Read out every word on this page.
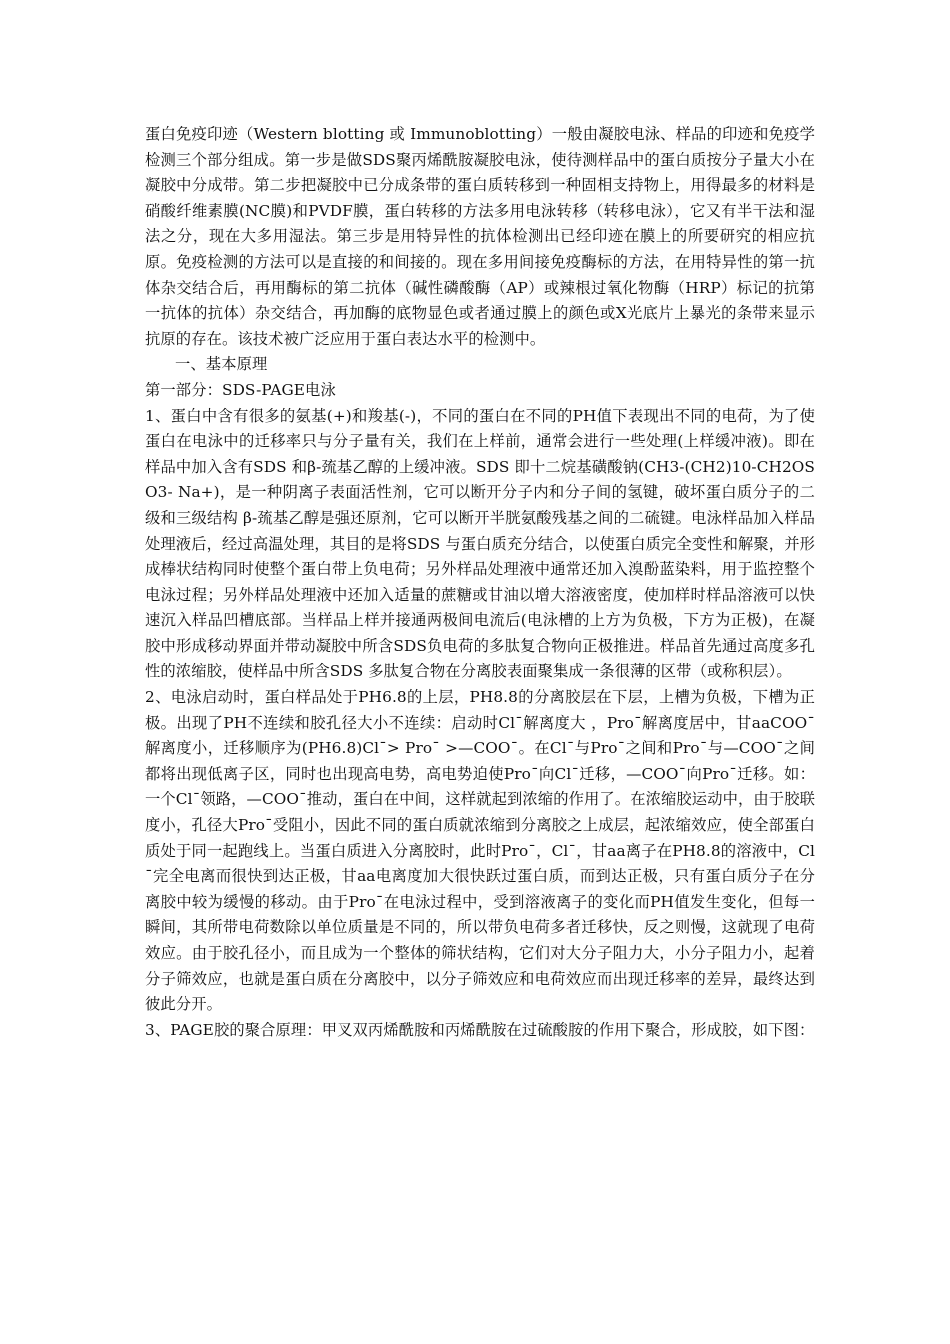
蛋白免疫印迹（Western blotting 或 Immunoblotting）一般由凝胶电泳、样品的印迹和免疫学检测三个部分组成。第一步是做SDS聚丙烯酰胺凝胶电泳，使待测样品中的蛋白质按分子量大小在凝胶中分成带。第二步把凝胶中已分成条带的蛋白质转移到一种固相支持物上，用得最多的材料是硝酸纤维素膜(NC膜)和PVDF膜，蛋白转移的方法多用电泳转移（转移电泳），它又有半干法和湿法之分，现在大多用湿法。第三步是用特异性的抗体检测出已经印迹在膜上的所要研究的相应抗原。免疫检测的方法可以是直接的和间接的。现在多用间接免疫酶标的方法，在用特异性的第一抗体杂交结合后，再用酶标的第二抗体（碱性磷酸酶（AP）或辣根过氧化物酶（HRP）标记的抗第一抗体的抗体）杂交结合，再加酶的底物显色或者通过膜上的颜色或X光底片上暴光的条带来显示抗原的存在。该技术被广泛应用于蛋白表达水平的检测中。

一、基本原理

第一部分：SDS-PAGE电泳

1、蛋白中含有很多的氨基(+)和羧基(-)，不同的蛋白在不同的PH值下表现出不同的电荷，为了使蛋白在电泳中的迁移率只与分子量有关，我们在上样前，通常会进行一些处理(上样缓冲液)。即在样品中加入含有SDS 和β-巯基乙醇的上缓冲液。SDS 即十二烷基磺酸钠(CH3-(CH2)10-CH2OSO3- Na+)，是一种阴离子表面活性剂，它可以断开分子内和分子间的氢键，破坏蛋白质分子的二级和三级结构 β-巯基乙醇是强还原剂，它可以断开半胱氨酸残基之间的二硫键。电泳样品加入样品处理液后，经过高温处理，其目的是将SDS 与蛋白质充分结合，以使蛋白质完全变性和解聚，并形成棒状结构同时使整个蛋白带上负电荷；另外样品处理液中通常还加入溴酚蓝染料，用于监控整个电泳过程；另外样品处理液中还加入适量的蔗糖或甘油以增大溶液密度，使加样时样品溶液可以快速沉入样品凹槽底部。当样品上样并接通两极间电流后(电泳槽的上方为负极，下方为正极)，在凝胶中形成移动界面并带动凝胶中所含SDS负电荷的多肽复合物向正极推进。样品首先通过高度多孔性的浓缩胶，使样品中所含SDS 多肽复合物在分离胶表面聚集成一条很薄的区带（或称积层）。

2、电泳启动时，蛋白样品处于PH6.8的上层，PH8.8的分离胶层在下层，上槽为负极，下槽为正极。出现了PH不连续和胶孔径大小不连续：启动时Cl¯解离度大 ，Pro¯解离度居中，甘aaCOO¯解离度小，迁移顺序为(PH6.8)Cl¯> Pro¯ >—COO¯。在Cl¯与Pro¯之间和Pro¯与—COO¯之间都将出现低离子区，同时也出现高电势，高电势迫使Pro¯向Cl¯迁移，—COO¯向Pro¯迁移。如：一个Cl¯领路，—COO¯推动，蛋白在中间，这样就起到浓缩的作用了。在浓缩胶运动中，由于胶联度小，孔径大Pro¯受阻小，因此不同的蛋白质就浓缩到分离胶之上成层，起浓缩效应，使全部蛋白质处于同一起跑线上。当蛋白质进入分离胶时，此时Pro¯，Cl¯，甘aa离子在PH8.8的溶液中，Cl¯完全电离而很快到达正极，甘aa电离度加大很快跃过蛋白质，而到达正极，只有蛋白质分子在分离胶中较为缓慢的移动。由于Pro¯在电泳过程中，受到溶液离子的变化而PH值发生变化，但每一瞬间，其所带电荷数除以单位质量是不同的，所以带负电荷多者迁移快，反之则慢，这就现了电荷效应。由于胶孔径小，而且成为一个整体的筛状结构，它们对大分子阻力大，小分子阻力小，起着分子筛效应，也就是蛋白质在分离胶中，以分子筛效应和电荷效应而出现迁移率的差异，最终达到彼此分开。

3、PAGE胶的聚合原理：甲叉双丙烯酰胺和丙烯酰胺在过硫酸胺的作用下聚合，形成胶，如下图：
